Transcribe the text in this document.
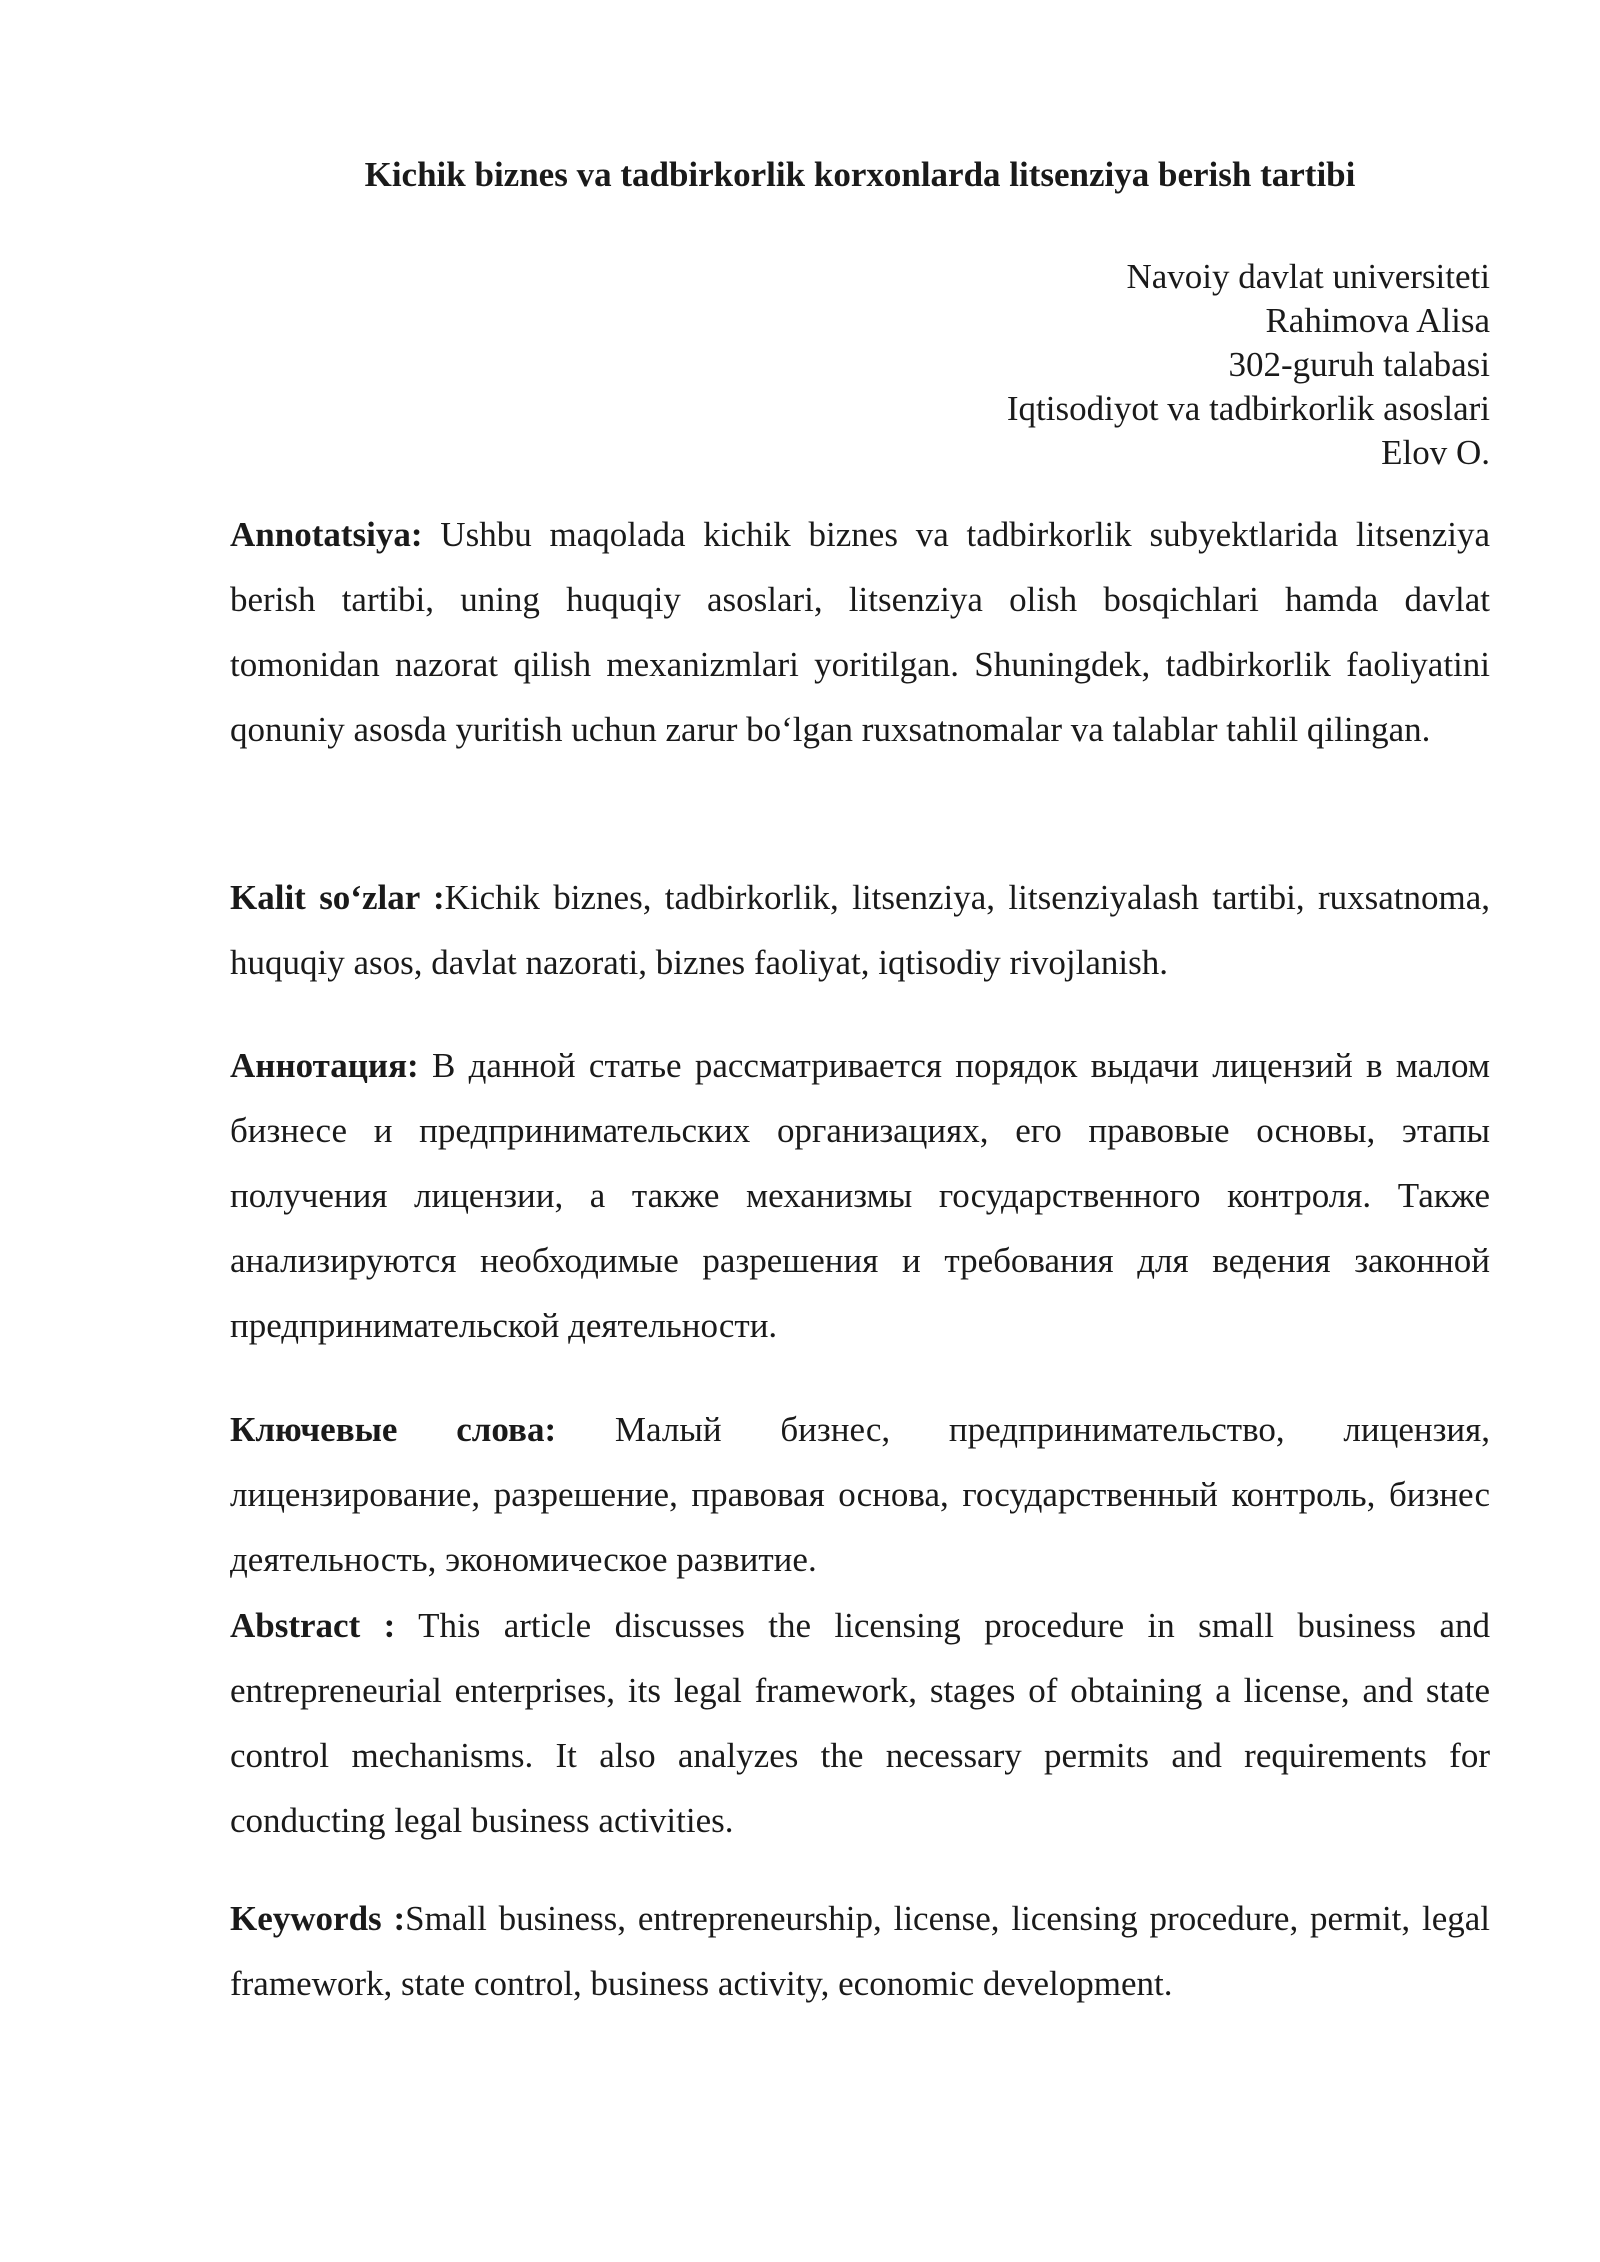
Kichik biznes va tadbirkorlik korxonlarda litsenziya berish tartibi
Navoiy davlat universiteti
Rahimova Alisa
302-guruh talabasi
Iqtisodiyot va tadbirkorlik asoslari
Elov O.

Annotatsiya: Ushbu maqolada kichik biznes va tadbirkorlik subyektlarida litsenziya berish tartibi, uning huquqiy asoslari, litsenziya olish bosqichlari hamda davlat tomonidan nazorat qilish mexanizmlari yoritilgan. Shuningdek, tadbirkorlik faoliyatini qonuniy asosda yuritish uchun zarur bo‘lgan ruxsatnomalar va talablar tahlil qilingan.

Kalit so‘zlar :Kichik biznes, tadbirkorlik, litsenziya, litsenziyalash tartibi, ruxsatnoma, huquqiy asos, davlat nazorati, biznes faoliyat, iqtisodiy rivojlanish.

Аннотация: В данной статье рассматривается порядок выдачи лицензий в малом бизнесе и предпринимательских организациях, его правовые основы, этапы получения лицензии, а также механизмы государственного контроля. Также анализируются необходимые разрешения и требования для ведения законной предпринимательской деятельности.

Ключевые слова: Малый бизнес, предпринимательство, лицензия, лицензирование, разрешение, правовая основа, государственный контроль, бизнес деятельность, экономическое развитие.

Abstract : This article discusses the licensing procedure in small business and entrepreneurial enterprises, its legal framework, stages of obtaining a license, and state control mechanisms. It also analyzes the necessary permits and requirements for conducting legal business activities.

Keywords :Small business, entrepreneurship, license, licensing procedure, permit, legal framework, state control, business activity, economic development.
